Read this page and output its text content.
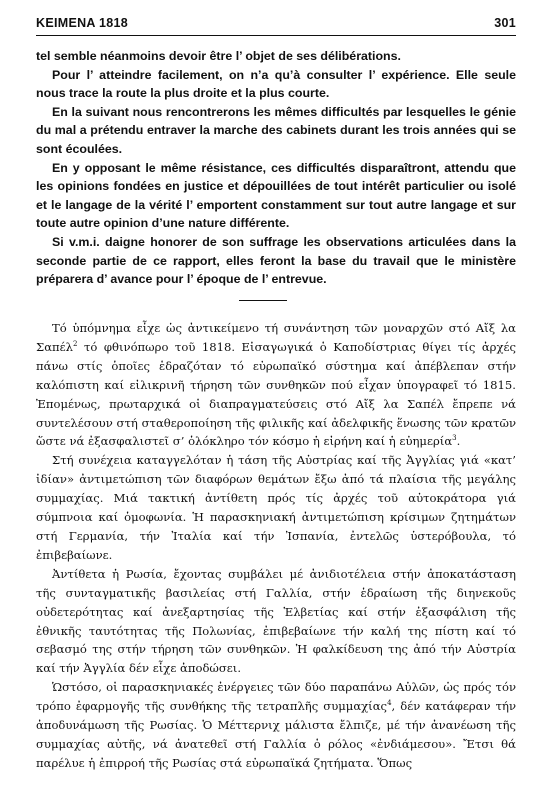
KEIMENA 1818	301

tel semble néanmoins devoir être l’ objet de ses délibérations.

Pour l’ atteindre facilement, on n’a qu’à consulter l’ expérience. Elle seule nous trace la route la plus droite et la plus courte.

En la suivant nous rencontrerons les mêmes difficultés par lesquelles le génie du mal a prétendu entraver la marche des cabinets durant les trois années qui se sont écoulées.

En y opposant le même résistance, ces difficultés disparaîtront, attendu que les opinions fondées en justice et dépouillées de tout intérêt particulier ou isolé et le langage de la vérité l’ emportent constamment sur tout autre langage et sur toute autre opinion d’une nature différente.

Si v.m.i. daigne honorer de son suffrage les observations articulées dans la seconde partie de ce rapport, elles feront la base du travail que le ministère préparera d’ avance pour l’ époque de l’ entrevue.

Τό ὑπόμνημα εἶχε ὡς ἀντικείμενο τή συνάντηση τῶν μοναρχῶν στό Αἴξ λα Σαπέλ$^2$ τό φθινόπωρο τοῦ 1818. Εἰσαγωγικά ὁ Καποδίστριας θίγει τίς ἀρχές πάνω στίς ὁποῖες ἑδραζόταν τό εὐρωπαϊκό σύστημα καί ἀπέβλεπαν στήν καλόπιστη καί εἰλικρινῆ τήρηση τῶν συνθηκῶν πού εἶχαν ὑπογραφεῖ τό 1815. Ἐπομένως, πρωταρχικά οἱ διαπραγματεύσεις στό Αἴξ λα Σαπέλ ἔπρεπε νά συντελέσουν στή σταθεροποίηση τῆς φιλικῆς καί ἀδελφικῆς ἕνωσης τῶν κρατῶν ὥστε νά ἐξασφαλιστεῖ σ’ ὁλόκληρο τόν κόσμο ἡ εἰρήνη καί ἡ εὐημερία$^3$.

Στή συνέχεια καταγγελόταν ἡ τάση τῆς Αὐστρίας καί τῆς Ἀγγλίας γιά «κατ’ ἰδίαν» ἀντιμετώπιση τῶν διαφόρων θεμάτων ἔξω ἀπό τά πλαίσια τῆς μεγάλης συμμαχίας. Μιά τακτική ἀντίθετη πρός τίς ἀρχές τοῦ αὐτοκράτορα γιά σύμπνοια καί ὁμοφωνία. Ἡ παρασκηνιακή ἀντιμετώπιση κρίσιμων ζητημάτων στή Γερμανία, τήν Ἰταλία καί τήν Ἰσπανία, ἐντελῶς ὑστερόβουλα, τό ἐπιβεβαίωνε.

Ἀντίθετα ἡ Ρωσία, ἔχοντας συμβάλει μέ ἀνιδιοτέλεια στήν ἀποκατάσταση τῆς συνταγματικῆς βασιλείας στή Γαλλία, στήν ἑδραίωση τῆς διηνεκοῦς οὐδετερότητας καί ἀνεξαρτησίας τῆς Ἑλβετίας καί στήν ἐξασφάλιση τῆς ἐθνικῆς ταυτότητας τῆς Πολωνίας, ἐπιβεβαίωνε τήν καλή της πίστη καί τό σεβασμό της στήν τήρηση τῶν συνθηκῶν. Ἡ φαλκίδευση της ἀπό τήν Αὐστρία καί τήν Ἀγγλία δέν εἶχε ἀποδώσει.

Ὡστόσο, οἱ παρασκηνιακές ἐνέργειες τῶν δύο παραπάνω Αὐλῶν, ὡς πρός τόν τρόπο ἐφαρμογῆς τῆς συνθήκης τῆς τετραπλῆς συμμαχίας$^4$, δέν κατάφεραν τήν ἀποδυνάμωση τῆς Ρωσίας. Ὁ Μέττερνιχ μάλιστα ἔλπιζε, μέ τήν ἀνανέωση τῆς συμμαχίας αὐτῆς, νά ἀνατεθεῖ στή Γαλλία ὁ ρόλος «ἐνδιάμεσου». Ἔτσι θά παρέλυε ἡ ἐπιρροή τῆς Ρωσίας στά εὐρωπαϊκά ζητήματα. Ὅπως
